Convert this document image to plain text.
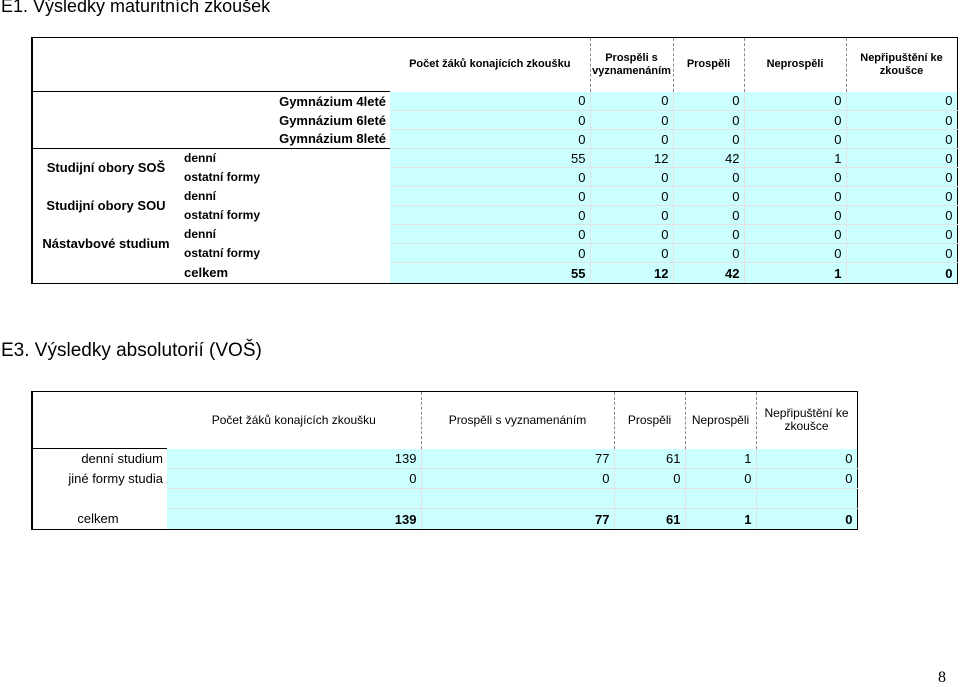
E1. Výsledky maturitních zkoušek
		Počet žáků konajících zkoušku	Prospěli s vyznamenáním	Prospěli	Neprospěli	Nepřipuštění ke zkoušce
	Gymnázium 4leté	0	0	0	0	0
	Gymnázium 6leté	0	0	0	0	0
	Gymnázium 8leté	0	0	0	0	0
Studijní obory SOŠ	denní	55	12	42	1	0
	ostatní formy	0	0	0	0	0
Studijní obory SOU	denní	0	0	0	0	0
	ostatní formy	0	0	0	0	0
Nástavbové studium	denní	0	0	0	0	0
	ostatní formy	0	0	0	0	0
	celkem	55	12	42	1	0
E3. Výsledky absolutorií (VOŠ)
	Počet žáků konajících zkoušku	Prospěli s vyznamenáním	Prospěli	Neprospěli	Nepřipuštění ke zkoušce
denní studium	139	77	61	1	0
jiné formy studia	0	0	0	0	0

celkem	139	77	61	1	0
8
